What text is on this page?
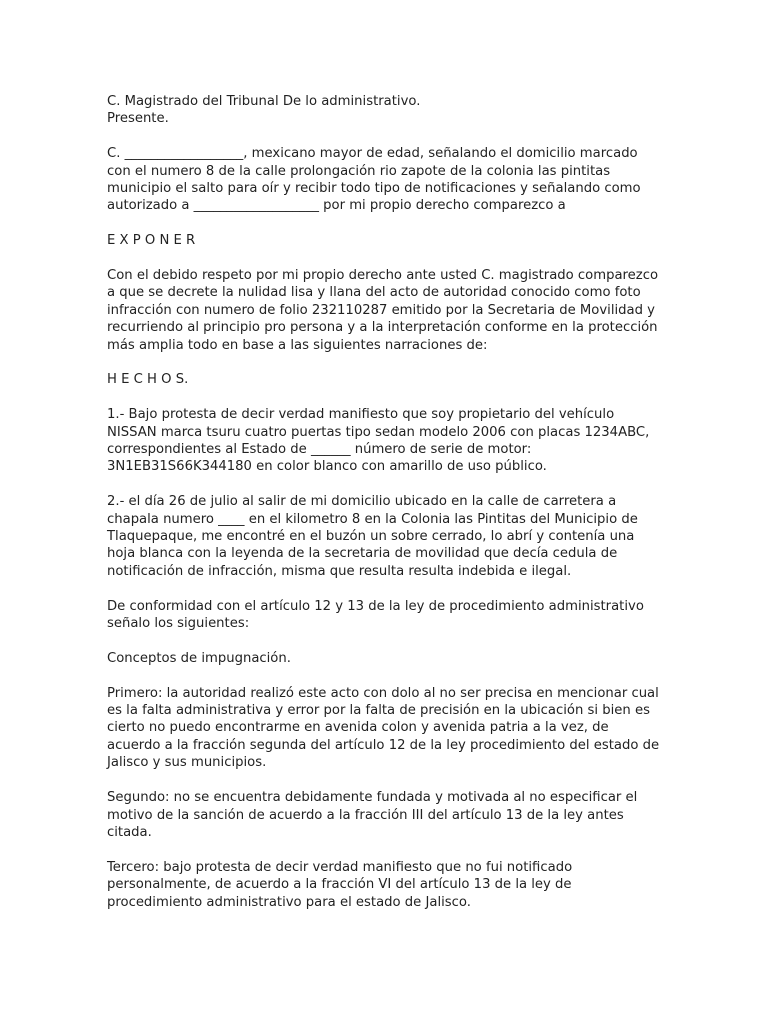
C. Magistrado del Tribunal De lo administrativo.
Presente.
C. __________________, mexicano mayor de edad, señalando el domicilio marcado
con el numero 8 de la calle prolongación rio zapote de la colonia las pintitas
municipio el salto para oír y recibir todo tipo de notificaciones y señalando como
autorizado a ___________________ por mi propio derecho comparezco a
E X P O N E R
Con el debido respeto por mi propio derecho ante usted C. magistrado comparezco
a que se decrete la nulidad lisa y llana del acto de autoridad conocido como foto
infracción con numero de folio 232110287 emitido por la Secretaria de Movilidad y
recurriendo al principio pro persona y a la interpretación conforme en la protección
más amplia todo en base a las siguientes narraciones de:
H E C H O S.
1.- Bajo protesta de decir verdad manifiesto que soy propietario del vehículo
NISSAN marca tsuru cuatro puertas tipo sedan modelo 2006 con placas 1234ABC,
correspondientes al Estado de ______ número de serie de motor:
3N1EB31S66K344180 en color blanco con amarillo de uso público.
2.- el día 26 de julio al salir de mi domicilio ubicado en la calle de carretera a
chapala numero ____ en el kilometro 8 en la Colonia las Pintitas del Municipio de
Tlaquepaque, me encontré en el buzón un sobre cerrado, lo abrí y contenía una
hoja blanca con la leyenda de la secretaria de movilidad que decía cedula de
notificación de infracción, misma que resulta resulta indebida e ilegal.
De conformidad con el artículo 12 y 13 de la ley de procedimiento administrativo
señalo los siguientes:
Conceptos de impugnación.
Primero: la autoridad realizó este acto con dolo al no ser precisa en mencionar cual
es la falta administrativa y error por la falta de precisión en la ubicación si bien es
cierto no puedo encontrarme en avenida colon y avenida patria a la vez, de
acuerdo a la fracción segunda del artículo 12 de la ley procedimiento del estado de
Jalisco y sus municipios.
Segundo: no se encuentra debidamente fundada y motivada al no especificar el
motivo de la sanción de acuerdo a la fracción III del artículo 13 de la ley antes
citada.
Tercero: bajo protesta de decir verdad manifiesto que no fui notificado
personalmente, de acuerdo a la fracción VI del artículo 13 de la ley de
procedimiento administrativo para el estado de Jalisco.
